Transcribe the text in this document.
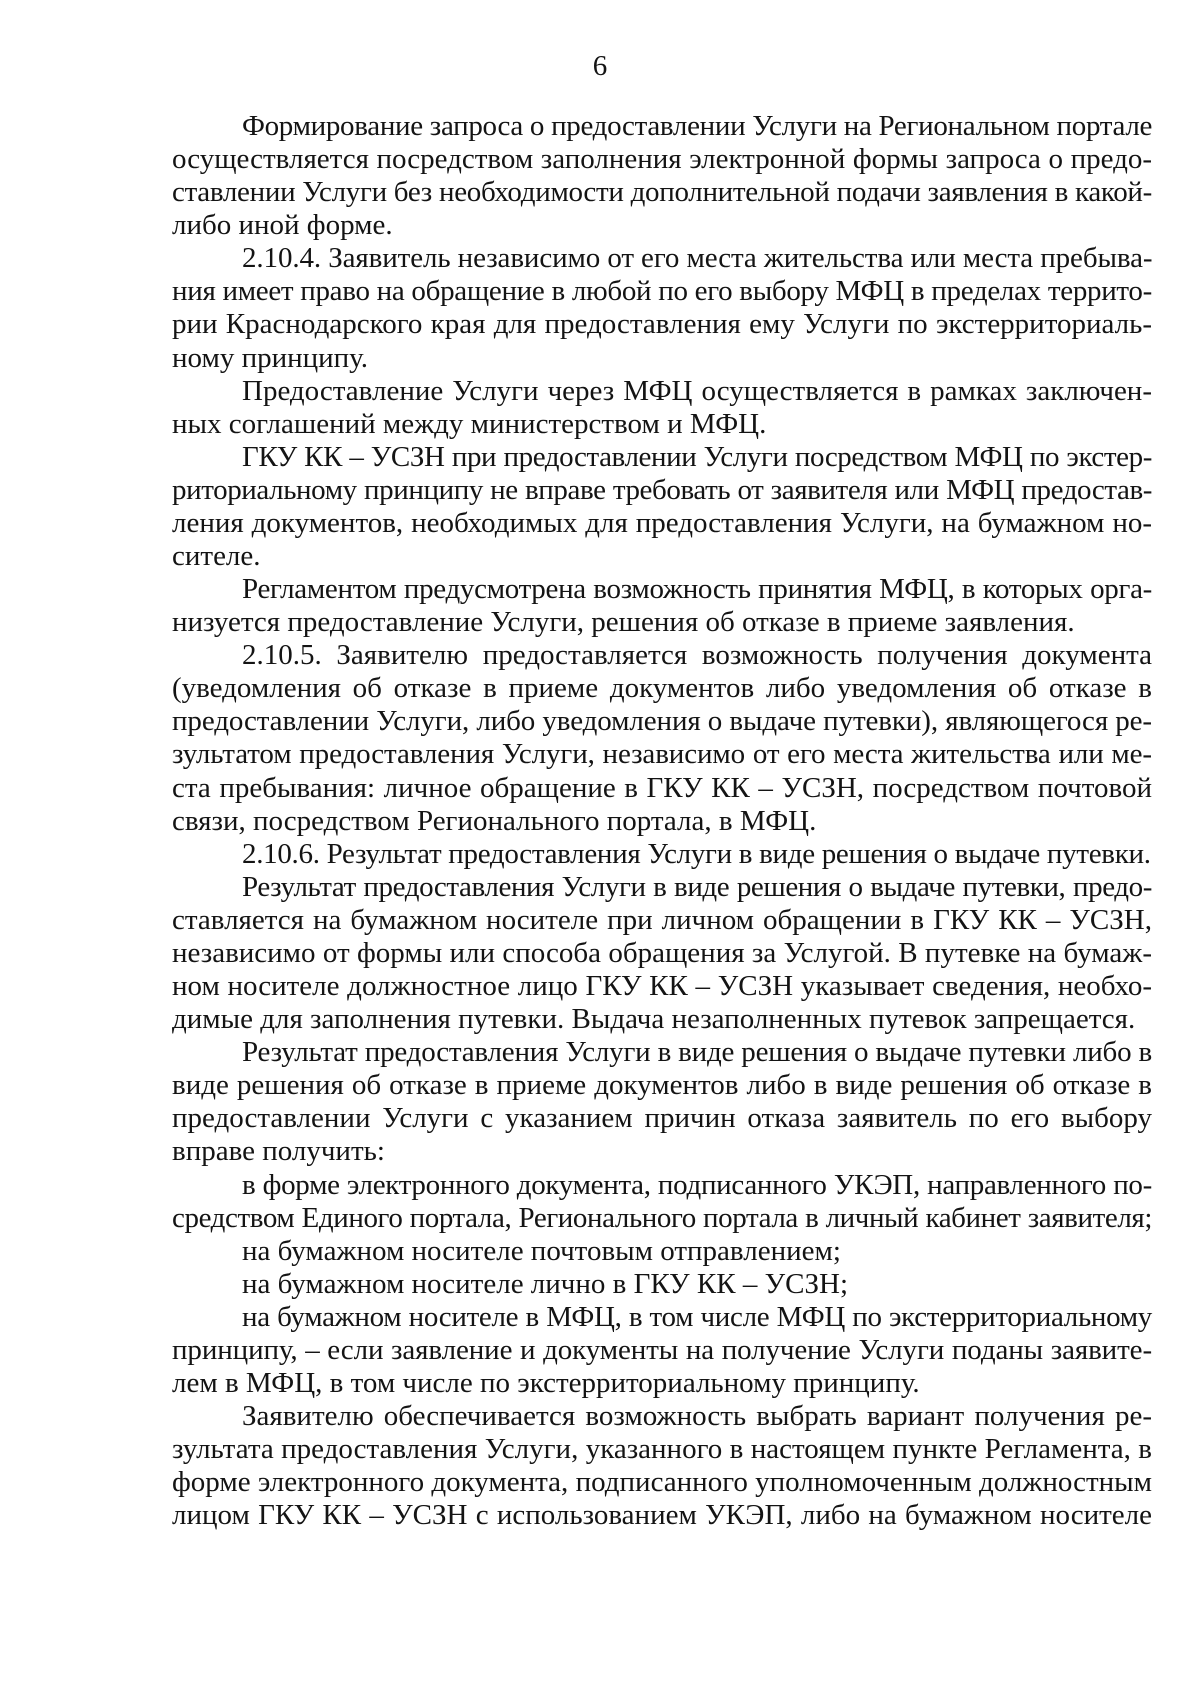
6
Формирование запроса о предоставлении Услуги на Региональном портале
осуществляется посредством заполнения электронной формы запроса о предо-
ставлении Услуги без необходимости дополнительной подачи заявления в какой-
либо иной форме.
2.10.4. Заявитель независимо от его места жительства или места пребыва-
ния имеет право на обращение в любой по его выбору МФЦ в пределах террито-
рии Краснодарского края для предоставления ему Услуги по экстерриториаль-
ному принципу.
Предоставление Услуги через МФЦ осуществляется в рамках заключен-
ных соглашений между министерством и МФЦ.
ГКУ КК – УСЗН при предоставлении Услуги посредством МФЦ по экстер-
риториальному принципу не вправе требовать от заявителя или МФЦ предостав-
ления документов, необходимых для предоставления Услуги, на бумажном но-
сителе.
Регламентом предусмотрена возможность принятия МФЦ, в которых орга-
низуется предоставление Услуги, решения об отказе в приеме заявления.
2.10.5. Заявителю предоставляется возможность получения документа
(уведомления об отказе в приеме документов либо уведомления об отказе в
предоставлении Услуги, либо уведомления о выдаче путевки), являющегося ре-
зультатом предоставления Услуги, независимо от его места жительства или ме-
ста пребывания: личное обращение в ГКУ КК – УСЗН, посредством почтовой
связи, посредством Регионального портала, в МФЦ.
2.10.6. Результат предоставления Услуги в виде решения о выдаче путевки.
Результат предоставления Услуги в виде решения о выдаче путевки, предо-
ставляется на бумажном носителе при личном обращении в ГКУ КК – УСЗН,
независимо от формы или способа обращения за Услугой. В путевке на бумаж-
ном носителе должностное лицо ГКУ КК – УСЗН указывает сведения, необхо-
димые для заполнения путевки. Выдача незаполненных путевок запрещается.
Результат предоставления Услуги в виде решения о выдаче путевки либо в
виде решения об отказе в приеме документов либо в виде решения об отказе в
предоставлении Услуги с указанием причин отказа заявитель по его выбору
вправе получить:
в форме электронного документа, подписанного УКЭП, направленного по-
средством Единого портала, Регионального портала в личный кабинет заявителя;
на бумажном носителе почтовым отправлением;
на бумажном носителе лично в ГКУ КК – УСЗН;
на бумажном носителе в МФЦ, в том числе МФЦ по экстерриториальному
принципу, – если заявление и документы на получение Услуги поданы заявите-
лем в МФЦ, в том числе по экстерриториальному принципу.
Заявителю обеспечивается возможность выбрать вариант получения ре-
зультата предоставления Услуги, указанного в настоящем пункте Регламента, в
форме электронного документа, подписанного уполномоченным должностным
лицом ГКУ КК – УСЗН с использованием УКЭП, либо на бумажном носителе
